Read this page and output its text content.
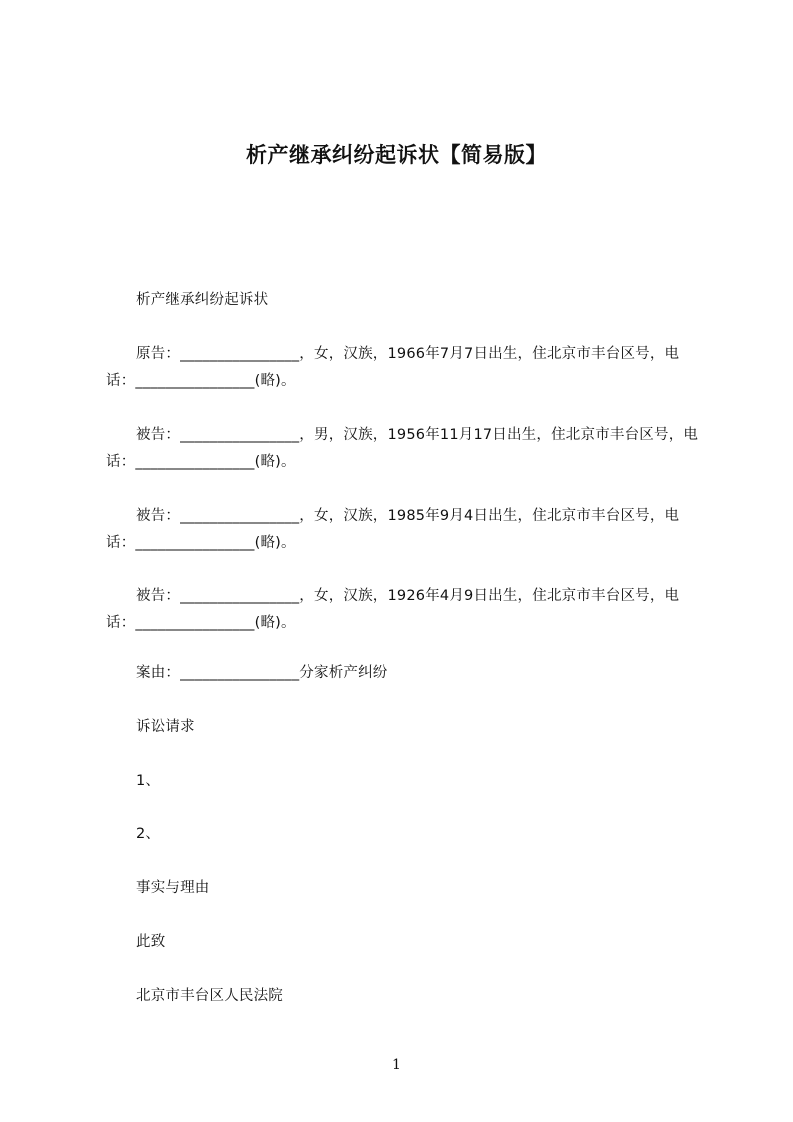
析产继承纠纷起诉状【简易版】
析产继承纠纷起诉状
原告：________________，女，汉族，1966年7月7日出生，住北京市丰台区号，电话：________________(略)。
被告：________________，男，汉族，1956年11月17日出生，住北京市丰台区号，电话：________________(略)。
被告：________________，女，汉族，1985年9月4日出生，住北京市丰台区号，电话：________________(略)。
被告：________________，女，汉族，1926年4月9日出生，住北京市丰台区号，电话：________________(略)。
案由：________________分家析产纠纷
诉讼请求
1、
2、
事实与理由
此致
北京市丰台区人民法院
1
